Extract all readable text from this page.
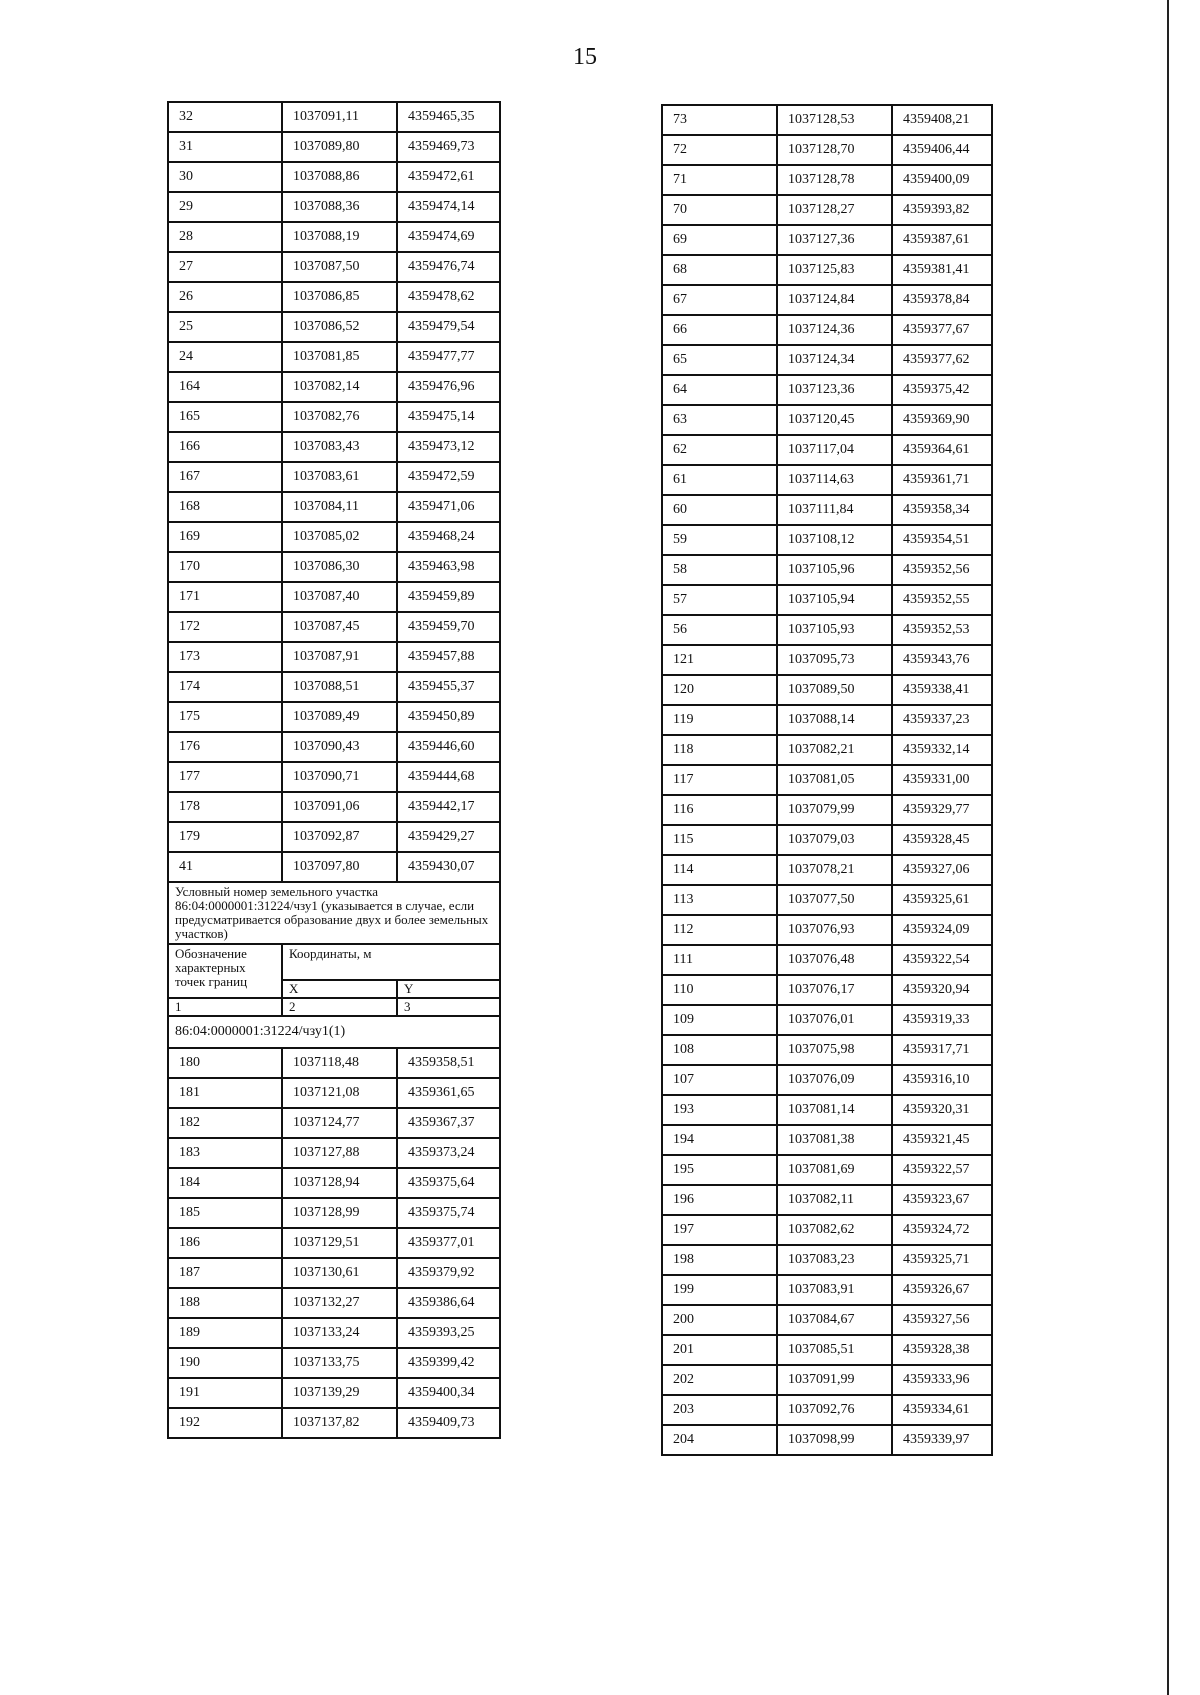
15
32	1037091,11	4359465,35
31	1037089,80	4359469,73
30	1037088,86	4359472,61
29	1037088,36	4359474,14
28	1037088,19	4359474,69
27	1037087,50	4359476,74
26	1037086,85	4359478,62
25	1037086,52	4359479,54
24	1037081,85	4359477,77
164	1037082,14	4359476,96
165	1037082,76	4359475,14
166	1037083,43	4359473,12
167	1037083,61	4359472,59
168	1037084,11	4359471,06
169	1037085,02	4359468,24
170	1037086,30	4359463,98
171	1037087,40	4359459,89
172	1037087,45	4359459,70
173	1037087,91	4359457,88
174	1037088,51	4359455,37
175	1037089,49	4359450,89
176	1037090,43	4359446,60
177	1037090,71	4359444,68
178	1037091,06	4359442,17
179	1037092,87	4359429,27
41	1037097,80	4359430,07
Условный номер земельного участка 86:04:0000001:31224/чзу1 (указывается в случае, если предусматривается образование двух и более земельных участков)		
Обозначение характерных точек границ	Координаты, м	
	X	Y
1	2	3
86:04:0000001:31224/чзу1(1)		
180	1037118,48	4359358,51
181	1037121,08	4359361,65
182	1037124,77	4359367,37
183	1037127,88	4359373,24
184	1037128,94	4359375,64
185	1037128,99	4359375,74
186	1037129,51	4359377,01
187	1037130,61	4359379,92
188	1037132,27	4359386,64
189	1037133,24	4359393,25
190	1037133,75	4359399,42
191	1037139,29	4359400,34
192	1037137,82	4359409,73
73	1037128,53	4359408,21
72	1037128,70	4359406,44
71	1037128,78	4359400,09
70	1037128,27	4359393,82
69	1037127,36	4359387,61
68	1037125,83	4359381,41
67	1037124,84	4359378,84
66	1037124,36	4359377,67
65	1037124,34	4359377,62
64	1037123,36	4359375,42
63	1037120,45	4359369,90
62	1037117,04	4359364,61
61	1037114,63	4359361,71
60	1037111,84	4359358,34
59	1037108,12	4359354,51
58	1037105,96	4359352,56
57	1037105,94	4359352,55
56	1037105,93	4359352,53
121	1037095,73	4359343,76
120	1037089,50	4359338,41
119	1037088,14	4359337,23
118	1037082,21	4359332,14
117	1037081,05	4359331,00
116	1037079,99	4359329,77
115	1037079,03	4359328,45
114	1037078,21	4359327,06
113	1037077,50	4359325,61
112	1037076,93	4359324,09
111	1037076,48	4359322,54
110	1037076,17	4359320,94
109	1037076,01	4359319,33
108	1037075,98	4359317,71
107	1037076,09	4359316,10
193	1037081,14	4359320,31
194	1037081,38	4359321,45
195	1037081,69	4359322,57
196	1037082,11	4359323,67
197	1037082,62	4359324,72
198	1037083,23	4359325,71
199	1037083,91	4359326,67
200	1037084,67	4359327,56
201	1037085,51	4359328,38
202	1037091,99	4359333,96
203	1037092,76	4359334,61
204	1037098,99	4359339,97
